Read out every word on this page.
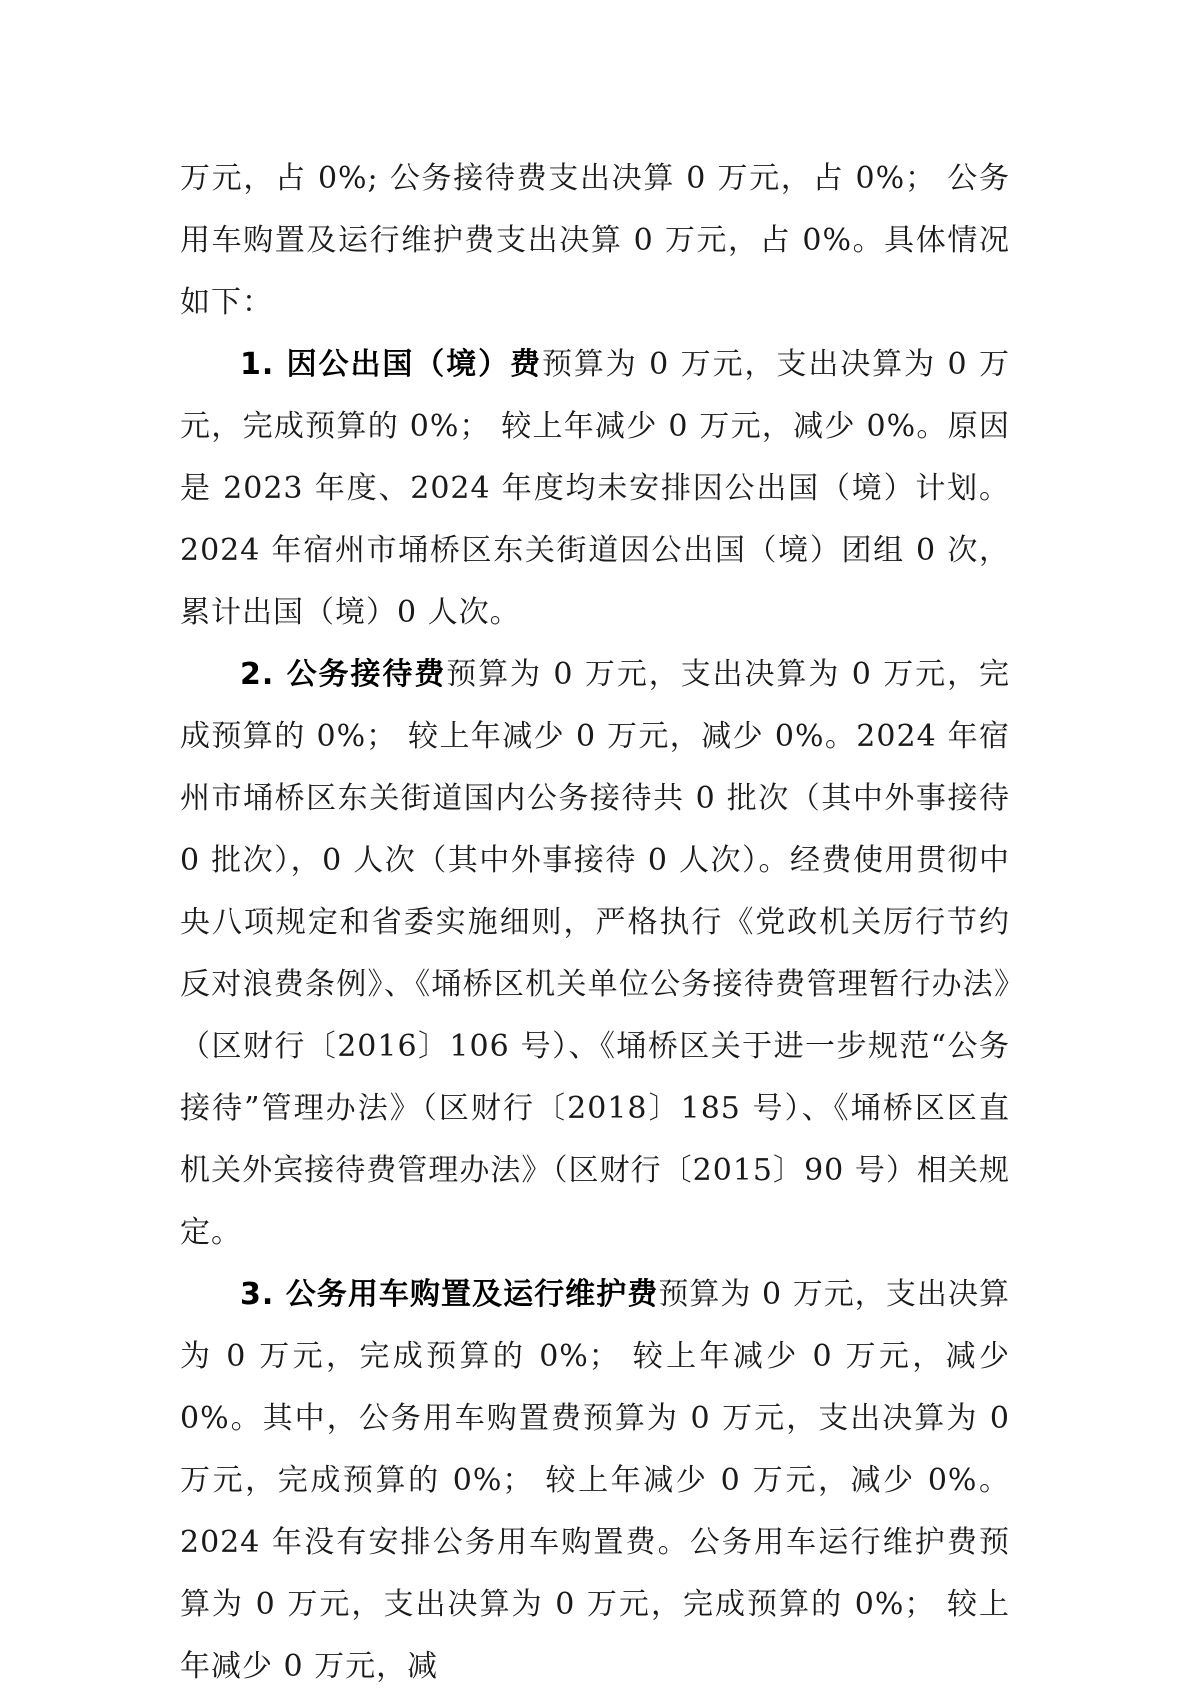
万元，占 0%; 公务接待费支出决算 0 万元，占 0%； 公务用车购置及运行维护费支出决算 0 万元，占 0%。具体情况如下：

1. 因公出国（境）费预算为 0 万元，支出决算为 0 万元，完成预算的 0%； 较上年减少 0 万元，减少 0%。原因是 2023 年度、2024 年度均未安排因公出国（境）计划。2024 年宿州市埇桥区东关街道因公出国（境）团组 0 次，累计出国（境）0 人次。

2. 公务接待费预算为 0 万元，支出决算为 0 万元，完成预算的 0%； 较上年减少 0 万元，减少 0%。2024 年宿州市埇桥区东关街道国内公务接待共 0 批次（其中外事接待 0 批次），0 人次（其中外事接待 0 人次）。经费使用贯彻中央八项规定和省委实施细则，严格执行《党政机关厉行节约反对浪费条例》、《埇桥区机关单位公务接待费管理暂行办法》（区财行〔2016〕106 号）、《埇桥区关于进一步规范“公务接待”管理办法》（区财行〔2018〕185 号）、《埇桥区区直机关外宾接待费管理办法》（区财行〔2015〕90 号）相关规定。

3. 公务用车购置及运行维护费预算为 0 万元，支出决算为 0 万元，完成预算的 0%； 较上年减少 0 万元，减少 0%。其中，公务用车购置费预算为 0 万元，支出决算为 0 万元，完成预算的 0%； 较上年减少 0 万元，减少 0%。2024 年没有安排公务用车购置费。公务用车运行维护费预算为 0 万元，支出决算为 0 万元，完成预算的 0%； 较上年减少 0 万元，减
